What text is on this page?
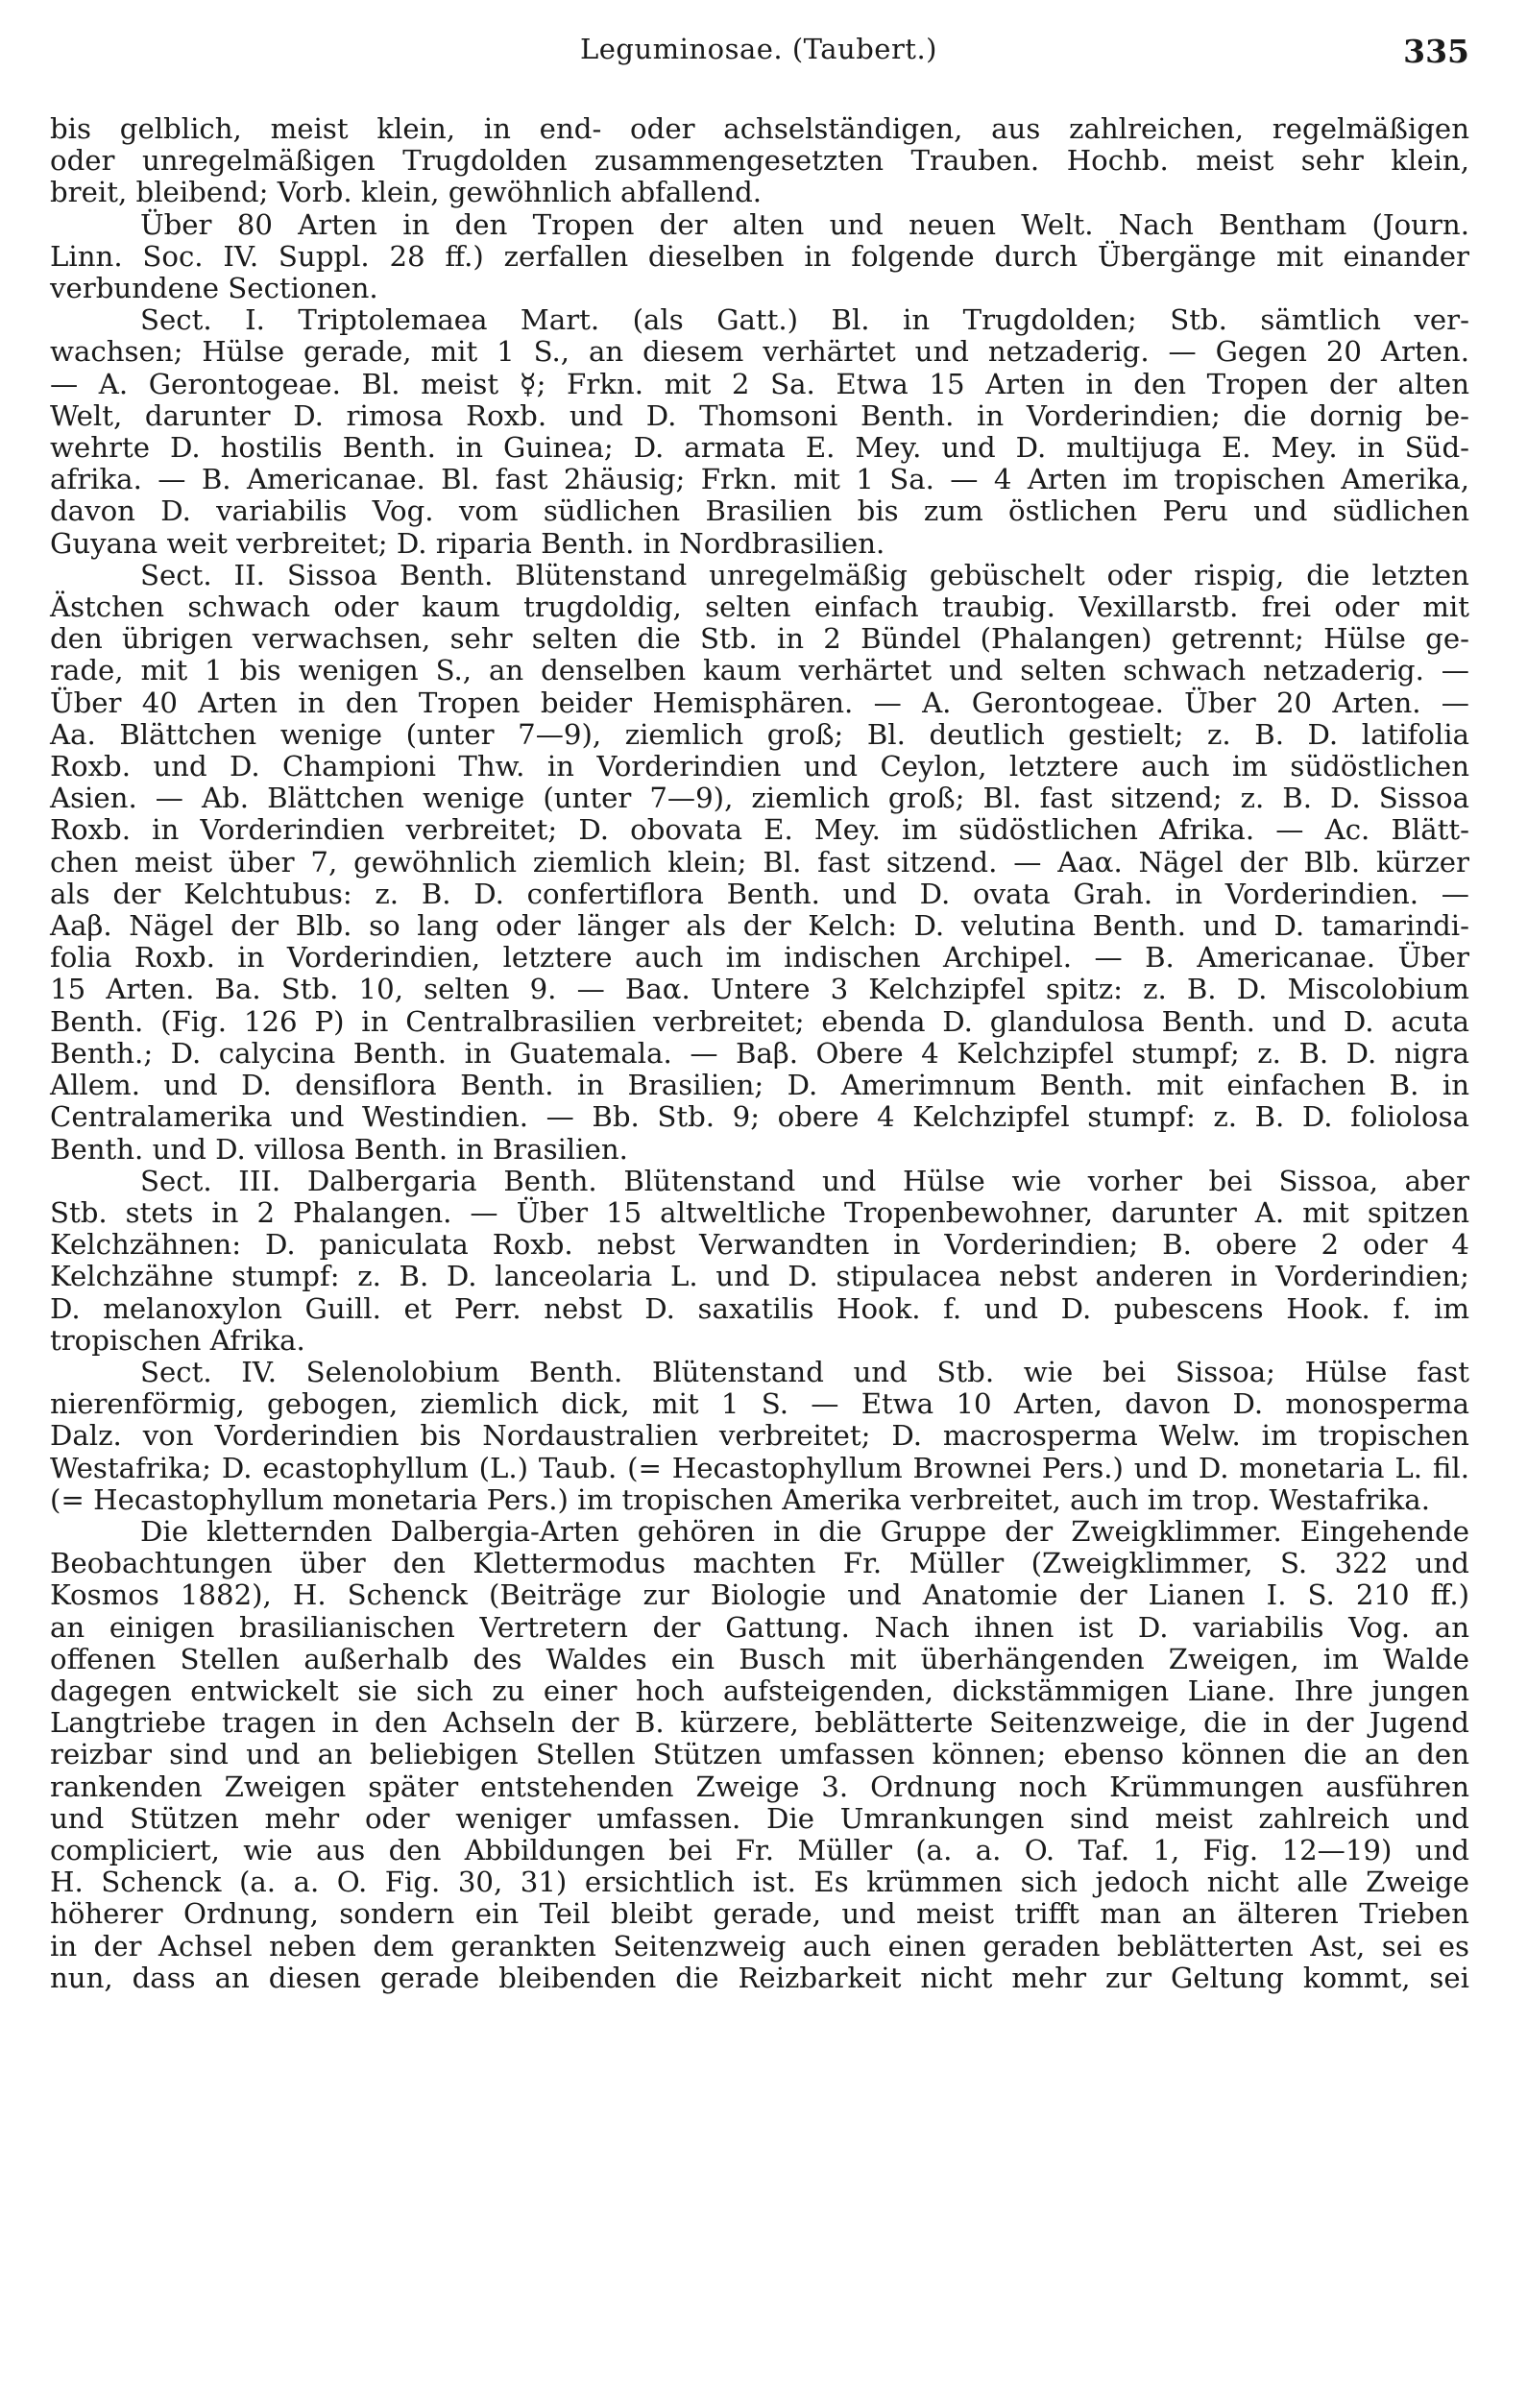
Leguminosae. (Taubert.)	335
bis gelblich, meist klein, in end- oder achselständigen, aus zahlreichen, regelmäßigen
oder unregelmäßigen Trugdolden zusammengesetzten Trauben. Hochb. meist sehr klein,
breit, bleibend; Vorb. klein, gewöhnlich abfallend.
Über 80 Arten in den Tropen der alten und neuen Welt. Nach Bentham (Journ.
Linn. Soc. IV. Suppl. 28 ff.) zerfallen dieselben in folgende durch Übergänge mit einander
verbundene Sectionen.
Sect. I. Triptolemaea Mart. (als Gatt.) Bl. in Trugdolden; Stb. sämtlich ver-
wachsen; Hülse gerade, mit 1 S., an diesem verhärtet und netzaderig. — Gegen 20 Arten.
— A. Gerontogeae. Bl. meist ☿; Frkn. mit 2 Sa. Etwa 15 Arten in den Tropen der alten
Welt, darunter D. rimosa Roxb. und D. Thomsoni Benth. in Vorderindien; die dornig be-
wehrte D. hostilis Benth. in Guinea; D. armata E. Mey. und D. multijuga E. Mey. in Süd-
afrika. — B. Americanae. Bl. fast 2häusig; Frkn. mit 1 Sa. — 4 Arten im tropischen Amerika,
davon D. variabilis Vog. vom südlichen Brasilien bis zum östlichen Peru und südlichen
Guyana weit verbreitet; D. riparia Benth. in Nordbrasilien.
Sect. II. Sissoa Benth. Blütenstand unregelmäßig gebüschelt oder rispig, die letzten
Ästchen schwach oder kaum trugdoldig, selten einfach traubig. Vexillarstb. frei oder mit
den übrigen verwachsen, sehr selten die Stb. in 2 Bündel (Phalangen) getrennt; Hülse ge-
rade, mit 1 bis wenigen S., an denselben kaum verhärtet und selten schwach netzaderig. —
Über 40 Arten in den Tropen beider Hemisphären. — A. Gerontogeae. Über 20 Arten. —
Aa. Blättchen wenige (unter 7—9), ziemlich groß; Bl. deutlich gestielt; z. B. D. latifolia
Roxb. und D. Championi Thw. in Vorderindien und Ceylon, letztere auch im südöstlichen
Asien. — Ab. Blättchen wenige (unter 7—9), ziemlich groß; Bl. fast sitzend; z. B. D. Sissoa
Roxb. in Vorderindien verbreitet; D. obovata E. Mey. im südöstlichen Afrika. — Ac. Blätt-
chen meist über 7, gewöhnlich ziemlich klein; Bl. fast sitzend. — Aaα. Nägel der Blb. kürzer
als der Kelchtubus: z. B. D. confertiflora Benth. und D. ovata Grah. in Vorderindien. —
Aaβ. Nägel der Blb. so lang oder länger als der Kelch: D. velutina Benth. und D. tamarindi-
folia Roxb. in Vorderindien, letztere auch im indischen Archipel. — B. Americanae. Über
15 Arten. Ba. Stb. 10, selten 9. — Baα. Untere 3 Kelchzipfel spitz: z. B. D. Miscolobium
Benth. (Fig. 126 P) in Centralbrasilien verbreitet; ebenda D. glandulosa Benth. und D. acuta
Benth.; D. calycina Benth. in Guatemala. — Baβ. Obere 4 Kelchzipfel stumpf; z. B. D. nigra
Allem. und D. densiflora Benth. in Brasilien; D. Amerimnum Benth. mit einfachen B. in
Centralamerika und Westindien. — Bb. Stb. 9; obere 4 Kelchzipfel stumpf: z. B. D. foliolosa
Benth. und D. villosa Benth. in Brasilien.
Sect. III. Dalbergaria Benth. Blütenstand und Hülse wie vorher bei Sissoa, aber
Stb. stets in 2 Phalangen. — Über 15 altweltliche Tropenbewohner, darunter A. mit spitzen
Kelchzähnen: D. paniculata Roxb. nebst Verwandten in Vorderindien; B. obere 2 oder 4
Kelchzähne stumpf: z. B. D. lanceolaria L. und D. stipulacea nebst anderen in Vorderindien;
D. melanoxylon Guill. et Perr. nebst D. saxatilis Hook. f. und D. pubescens Hook. f. im
tropischen Afrika.
Sect. IV. Selenolobium Benth. Blütenstand und Stb. wie bei Sissoa; Hülse fast
nierenförmig, gebogen, ziemlich dick, mit 1 S. — Etwa 10 Arten, davon D. monosperma
Dalz. von Vorderindien bis Nordaustralien verbreitet; D. macrosperma Welw. im tropischen
Westafrika; D. ecastophyllum (L.) Taub. (= Hecastophyllum Brownei Pers.) und D. monetaria L. fil.
(= Hecastophyllum monetaria Pers.) im tropischen Amerika verbreitet, auch im trop. Westafrika.
Die kletternden Dalbergia-Arten gehören in die Gruppe der Zweigklimmer. Eingehende
Beobachtungen über den Klettermodus machten Fr. Müller (Zweigklimmer, S. 322 und
Kosmos 1882), H. Schenck (Beiträge zur Biologie und Anatomie der Lianen I. S. 210 ff.)
an einigen brasilianischen Vertretern der Gattung. Nach ihnen ist D. variabilis Vog. an
offenen Stellen außerhalb des Waldes ein Busch mit überhängenden Zweigen, im Walde
dagegen entwickelt sie sich zu einer hoch aufsteigenden, dickstämmigen Liane. Ihre jungen
Langtriebe tragen in den Achseln der B. kürzere, beblätterte Seitenzweige, die in der Jugend
reizbar sind und an beliebigen Stellen Stützen umfassen können; ebenso können die an den
rankenden Zweigen später entstehenden Zweige 3. Ordnung noch Krümmungen ausführen
und Stützen mehr oder weniger umfassen. Die Umrankungen sind meist zahlreich und
compliciert, wie aus den Abbildungen bei Fr. Müller (a. a. O. Taf. 1, Fig. 12—19) und
H. Schenck (a. a. O. Fig. 30, 31) ersichtlich ist. Es krümmen sich jedoch nicht alle Zweige
höherer Ordnung, sondern ein Teil bleibt gerade, und meist trifft man an älteren Trieben
in der Achsel neben dem gerankten Seitenzweig auch einen geraden beblätterten Ast, sei es
nun, dass an diesen gerade bleibenden die Reizbarkeit nicht mehr zur Geltung kommt, sei
